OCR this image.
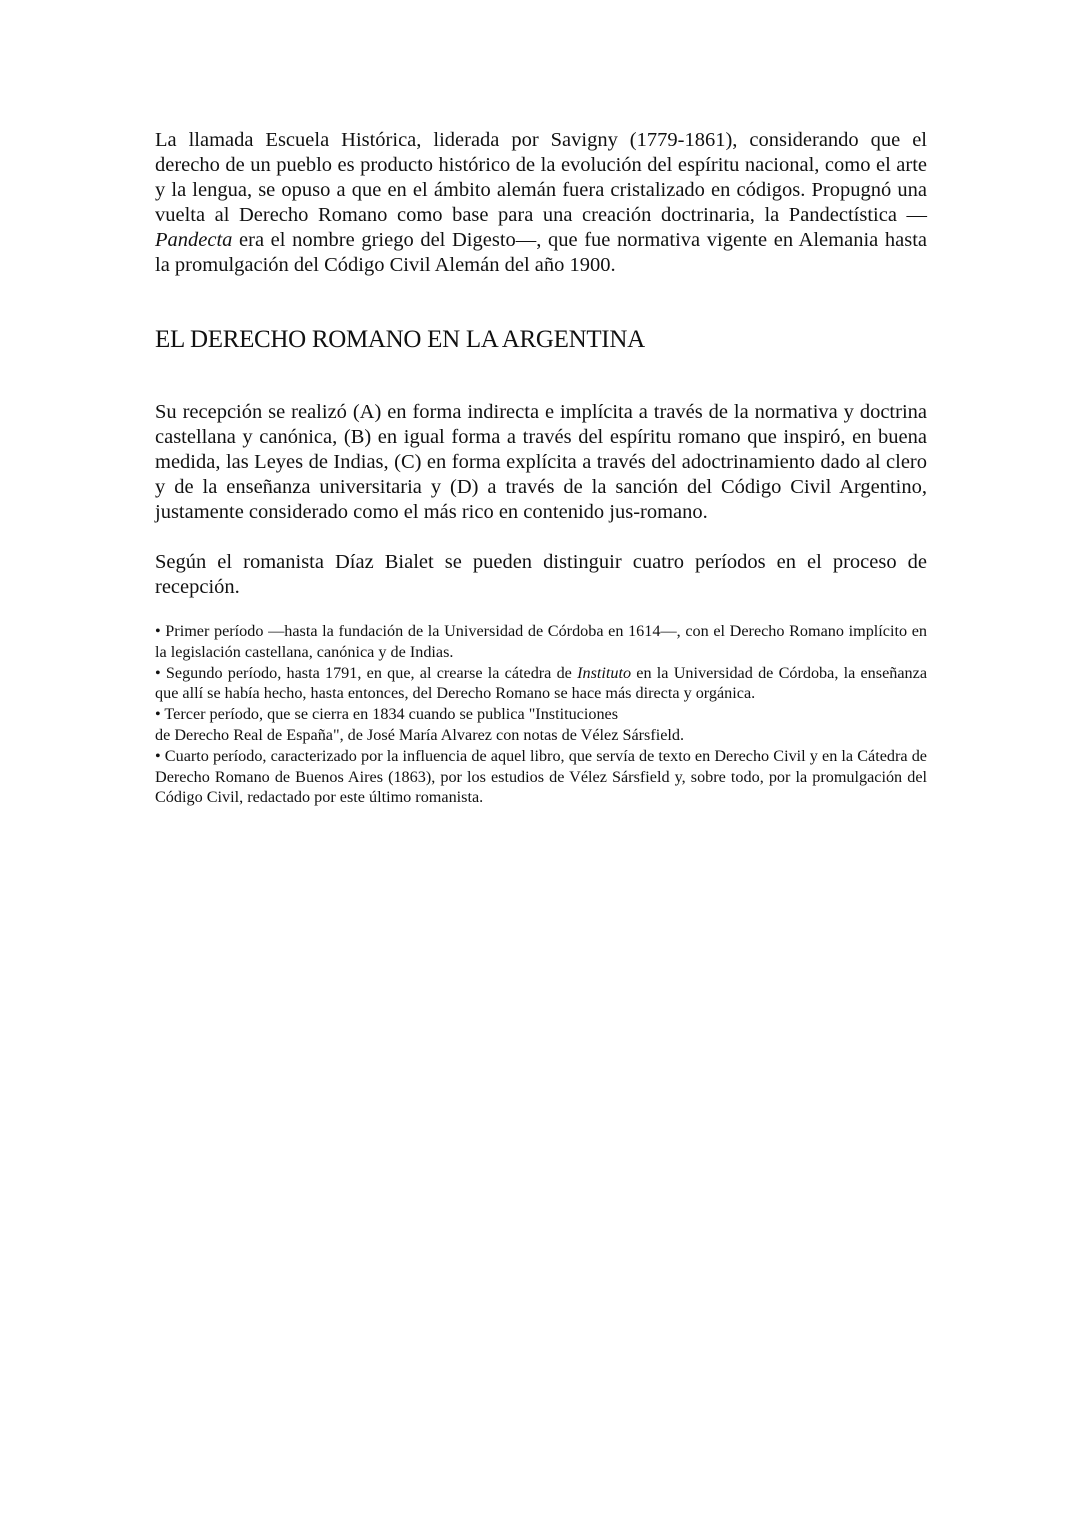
La llamada Escuela Histórica, liderada por Savigny (1779-1861), considerando que el derecho de un pueblo es producto histórico de la evolución del espíritu nacional, como el arte y la lengua, se opuso a que en el ámbito alemán fuera cristalizado en códigos. Propugnó una vuelta al Derecho Romano como base para una creación doctrinaria, la Pandectística —Pandecta era el nombre griego del Digesto—, que fue normativa vigente en Alemania hasta la promulgación del Código Civil Alemán del año 1900.

EL DERECHO ROMANO EN LA ARGENTINA

Su recepción se realizó (A) en forma indirecta e implícita a través de la normativa y doctrina castellana y canónica, (B) en igual forma a través del espíritu romano que inspiró, en buena medida, las Leyes de Indias, (C) en forma explícita a través del adoctrinamiento dado al clero y de la enseñanza universitaria y (D) a través de la sanción del Código Civil Argentino, justamente considerado como el más rico en contenido jus-romano.

Según el romanista Díaz Bialet se pueden distinguir cuatro períodos en el proceso de recepción.

• Primer período —hasta la fundación de la Universidad de Córdoba en 1614—, con el Derecho Romano implícito en la legislación castellana, canónica y de Indias.

• Segundo período, hasta 1791, en que, al crearse la cátedra de Instituto en la Universidad de Córdoba, la enseñanza que allí se había hecho, hasta entonces, del Derecho Romano se hace más directa y orgánica.

• Tercer período, que se cierra en 1834 cuando se publica "Instituciones

de Derecho Real de España", de José María Alvarez con notas de Vélez Sársfield.

• Cuarto período, caracterizado por la influencia de aquel libro, que servía de texto en Derecho Civil y en la Cátedra de Derecho Romano de Buenos Aires (1863), por los estudios de Vélez Sársfield y, sobre todo, por la promulgación del Código Civil, redactado por este último romanista.
